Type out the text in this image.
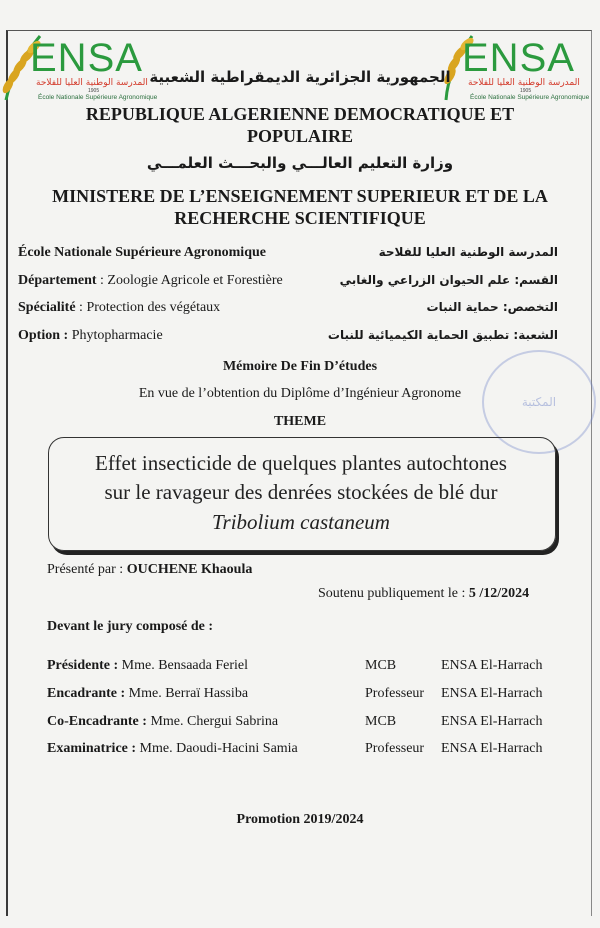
ENSA
المدرسة الوطنية العليا للفلاحة
1905
École Nationale Supérieure Agronomique
ENSA
المدرسة الوطنية العليا للفلاحة
1905
École Nationale Supérieure Agronomique
الجمهورية الجزائرية الديمقراطية الشعبية
REPUBLIQUE ALGERIENNE DEMOCRATIQUE ET
POPULAIRE
وزارة التعليم العالـــي والبحـــث العلمـــي
MINISTERE DE L’ENSEIGNEMENT SUPERIEUR ET DE LA
RECHERCHE SCIENTIFIQUE
École Nationale Supérieure Agronomique	المدرسة الوطنية العليا للفلاحة
Département : Zoologie Agricole et Forestière	القسم: علم الحيوان الزراعي والغابي
Spécialité : Protection des végétaux	التخصص: حماية النبات
Option : Phytopharmacie	الشعبة: تطبيق الحماية الكيميائية للنبات
المكتبة
Mémoire De Fin D’études
En vue de l’obtention du Diplôme d’Ingénieur Agronome
THEME
Effet insecticide de quelques plantes autochtones
sur le ravageur des denrées stockées de blé dur
Tribolium castaneum
Présenté par : OUCHENE Khaoula
Soutenu publiquement le : 5 /12/2024
Devant le jury composé de :
Présidente : Mme. Bensaada Feriel	MCB	ENSA El-Harrach
Encadrante : Mme. Berraï Hassiba	Professeur ENSA El-Harrach
Co-Encadrante : Mme. Chergui Sabrina	MCB	ENSA El-Harrach
Examinatrice : Mme. Daoudi-Hacini Samia	Professeur ENSA El-Harrach
Promotion 2019/2024
